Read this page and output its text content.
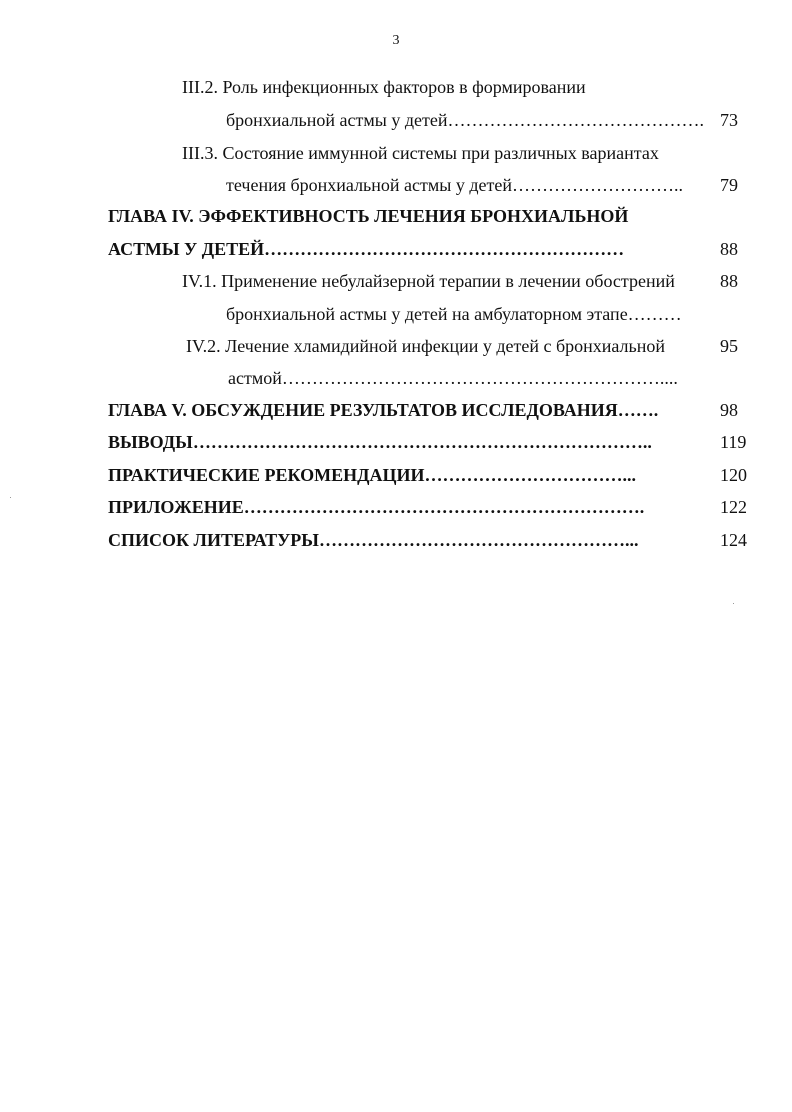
3
III.2. Роль инфекционных факторов в формировании
бронхиальной астмы у детей……………………………………. 73
III.3. Состояние иммунной системы при различных вариантах
течения бронхиальной астмы у детей……………………….. 79
ГЛАВА IV. ЭФФЕКТИВНОСТЬ ЛЕЧЕНИЯ БРОНХИАЛЬНОЙ
АСТМЫ У ДЕТЕЙ……………………………………………………	88
IV.1. Применение небулайзерной терапии в лечении обострений	88
бронхиальной астмы у детей на амбулаторном этапе………
IV.2. Лечение хламидийной инфекции у детей с бронхиальной	95
астмой………………………………………………………....
ГЛАВА V. ОБСУЖДЕНИЕ РЕЗУЛЬТАТОВ ИССЛЕДОВАНИЯ…….	98
ВЫВОДЫ…………………………………………………………………..	119
ПРАКТИЧЕСКИЕ РЕКОМЕНДАЦИИ……………………………...	120
ПРИЛОЖЕНИЕ………………………………………………………….	122
СПИСОК ЛИТЕРАТУРЫ……………………………………………...	124
